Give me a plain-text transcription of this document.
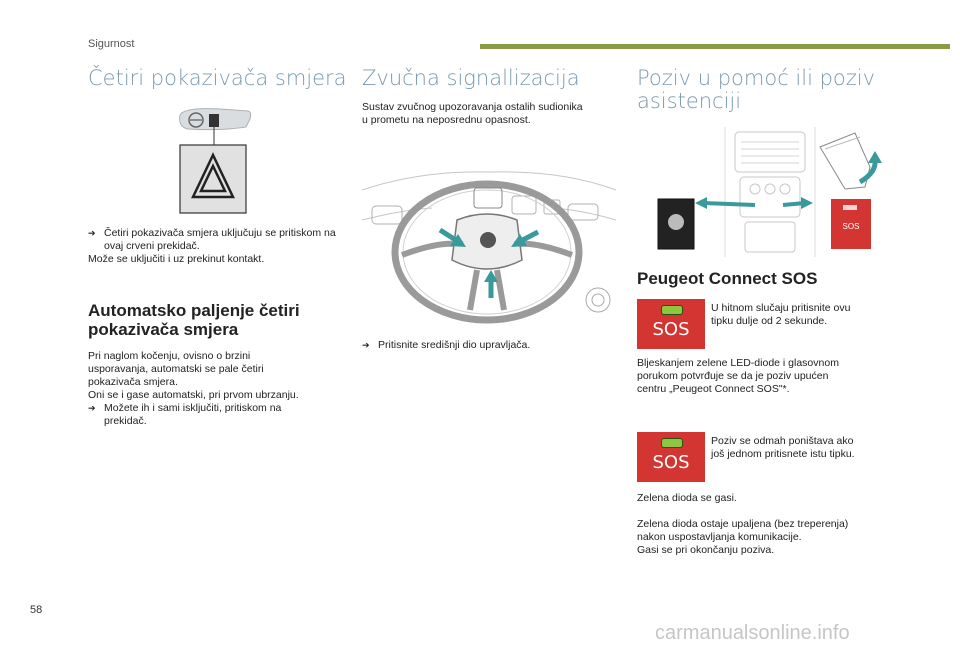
Sigurnost
Četiri pokazivača smjera
➔ Četiri pokazivača smjera uključuju se pritiskom na ovaj crveni prekidač.
Može se uključiti i uz prekinut kontakt.
Automatsko paljenje četiri
pokazivača smjera
Pri naglom kočenju, ovisno o brzini
usporavanja, automatski se pale četiri
pokazivača smjera.
Oni se i gase automatski, pri prvom ubrzanju.
➔ Možete ih i sami isključiti, pritiskom na prekidač.
Zvučna signallizacija
Sustav zvučnog upozoravanja ostalih sudionika
u prometu na neposrednu opasnost.
➔ Pritisnite središnji dio upravljača.
Poziv u pomoć ili poziv
asistenciji
SOS
Peugeot Connect SOS
SOS
U hitnom slučaju pritisnite ovu
tipku dulje od 2 sekunde.
Bljeskanjem zelene LED-diode i glasovnom
porukom potvrđuje se da je poziv upućen
centru „Peugeot Connect SOS"*.
SOS
Poziv se odmah poništava ako
još jednom pritisnete istu tipku.
Zelena dioda se gasi.
Zelena dioda ostaje upaljena (bez treperenja)
nakon uspostavljanja komunikacije.
Gasi se pri okončanju poziva.
58
carmanualsonline.info
